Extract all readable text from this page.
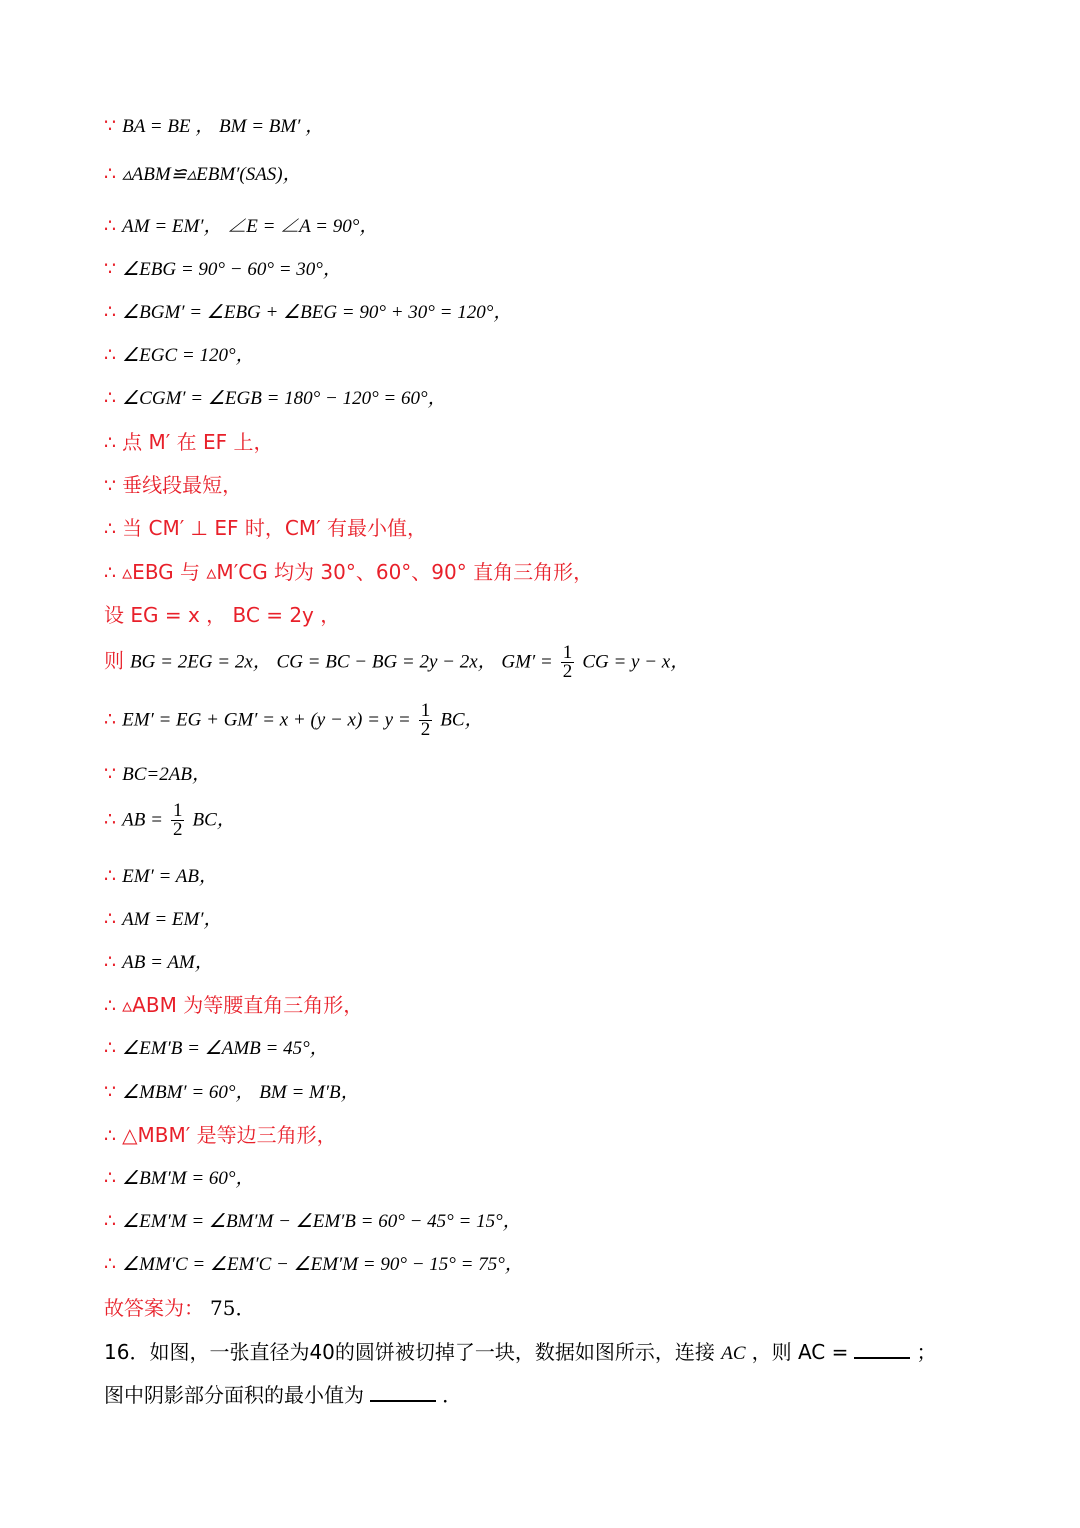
∵ BA = BE ， BM = BM′ ，
∴ ▵ABM≌▵EBM′(SAS)，
∴ AM = EM′， ∠E = ∠A = 90°，
∵ ∠EBG = 90° − 60° = 30°，
∴ ∠BGM′ = ∠EBG + ∠BEG = 90° + 30° = 120°，
∴ ∠EGC = 120°，
∴ ∠CGM′ = ∠EGB = 180° − 120° = 60°，
∴ 点 M′ 在 EF 上，
∵ 垂线段最短，
∴ 当 CM′ ⊥ EF 时，CM′ 有最小值，
∴ ▵EBG 与 ▵M′CG 均为 30°、60°、90° 直角三角形，
设 EG = x ， BC = 2y ，
则 BG = 2EG = 2x， CG = BC − BG = 2y − 2x， $GM' = \frac{1}{2}$ CG = y − x，
∴ EM′ = EG + $GM' = x + (y - x) = y = \frac{1}{2}$ BC，
∵ BC=2AB，
∴ AB = $\frac{1}{2}$ BC，
∴ EM′ = AB，
∴ AM = EM′，
∴ AB = AM，
∴ ▵ABM 为等腰直角三角形，
∴ ∠EM′B = ∠AMB = 45°，
∵ ∠MBM′ = 60°， BM = M′B，
∴ △MBM′ 是等边三角形，
∴ ∠BM′M = 60°，
∴ ∠EM′M = ∠BM′M − ∠EM′B = 60° − 45° = 15°，
∴ ∠MM′C = ∠EM′C − ∠EM′M = 90° − 15° = 75°，
故答案为： 75．
16．如图，一张直径为40的圆饼被切掉了一块，数据如图所示，连接 AC ，则 AC =	；
图中阴影部分面积的最小值为	．
